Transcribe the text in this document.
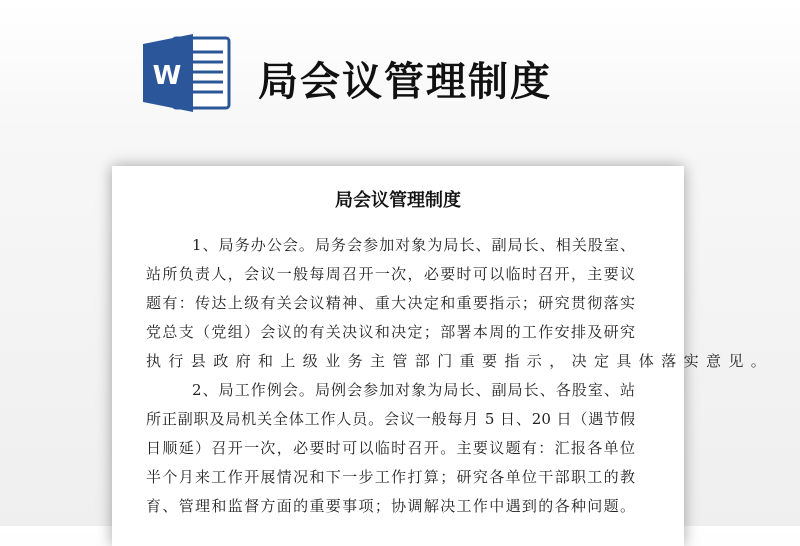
W 局会议管理制度
局会议管理制度
1、局务办公会。局务会参加对象为局长、副局长、相关股室、
站所负责人，会议一般每周召开一次，必要时可以临时召开，主要议
题有：传达上级有关会议精神、重大决定和重要指示；研究贯彻落实
党总支（党组）会议的有关决议和决定；部署本周的工作安排及研究
执行县政府和上级业务主管部门重要指示，决定具体落实意见。
2、局工作例会。局例会参加对象为局长、副局长、各股室、站
所正副职及局机关全体工作人员。会议一般每月 5 日、20 日（遇节假
日顺延）召开一次，必要时可以临时召开。主要议题有：汇报各单位
半个月来工作开展情况和下一步工作打算；研究各单位干部职工的教
育、管理和监督方面的重要事项；协调解决工作中遇到的各种问题。
